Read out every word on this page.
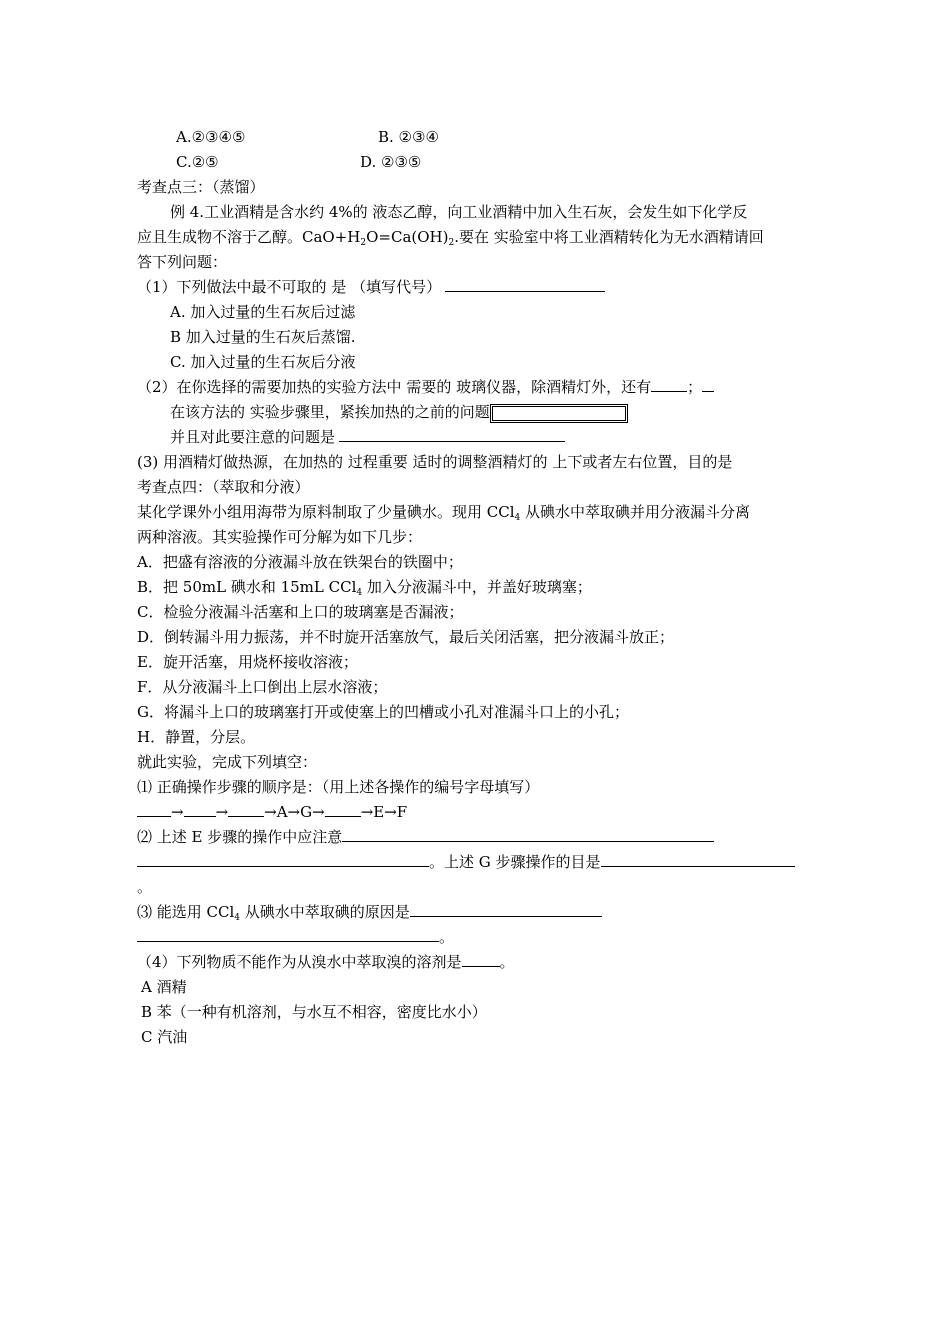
A.②③④⑤	B. ②③④
C.②⑤	D. ②③⑤
考查点三：（蒸馏）
例 4.工业酒精是含水约 4%的 液态乙醇，向工业酒精中加入生石灰，会发生如下化学反
应且生成物不溶于乙醇。$CaO+H_2O=Ca(OH)_2$.要在 实验室中将工业酒精转化为无水酒精请回
答下列问题：
（1）下列做法中最不可取的 是 （填写代号）
A. 加入过量的生石灰后过滤
B 加入过量的生石灰后蒸馏.
C. 加入过量的生石灰后分液
（2）在你选择的需要加热的实验方法中 需要的 玻璃仪器，除酒精灯外，还有 ；
在该方法的 实验步骤里，紧挨加热的之前的问题
并且对此要注意的问题是
(3) 用酒精灯做热源，在加热的 过程重要 适时的调整酒精灯的 上下或者左右位置，目的是
考查点四：（萃取和分液）
某化学课外小组用海带为原料制取了少量碘水。现用 CCl$_4$ 从碘水中萃取碘并用分液漏斗分离
两种溶液。其实验操作可分解为如下几步：
A．把盛有溶液的分液漏斗放在铁架台的铁圈中；
B．把 50mL 碘水和 15mL CCl$_4$ 加入分液漏斗中，并盖好玻璃塞；
C．检验分液漏斗活塞和上口的玻璃塞是否漏液；
D．倒转漏斗用力振荡，并不时旋开活塞放气，最后关闭活塞，把分液漏斗放正；
E．旋开活塞，用烧杯接收溶液；
F．从分液漏斗上口倒出上层水溶液；
G．将漏斗上口的玻璃塞打开或使塞上的凹槽或小孔对准漏斗口上的小孔；
H．静置，分层。
就此实验，完成下列填空：
⑴ 正确操作步骤的顺序是：（用上述各操作的编号字母填写）
→ → →A→G→ →E→F
⑵ 上述 E 步骤的操作中应注意
。上述 G 步骤操作的目是
。
⑶ 能选用 CCl$_4$ 从碘水中萃取碘的原因是
。
（4）下列物质不能作为从溴水中萃取溴的溶剂是	。
A 酒精
B 苯（一种有机溶剂，与水互不相容，密度比水小）
C 汽油
